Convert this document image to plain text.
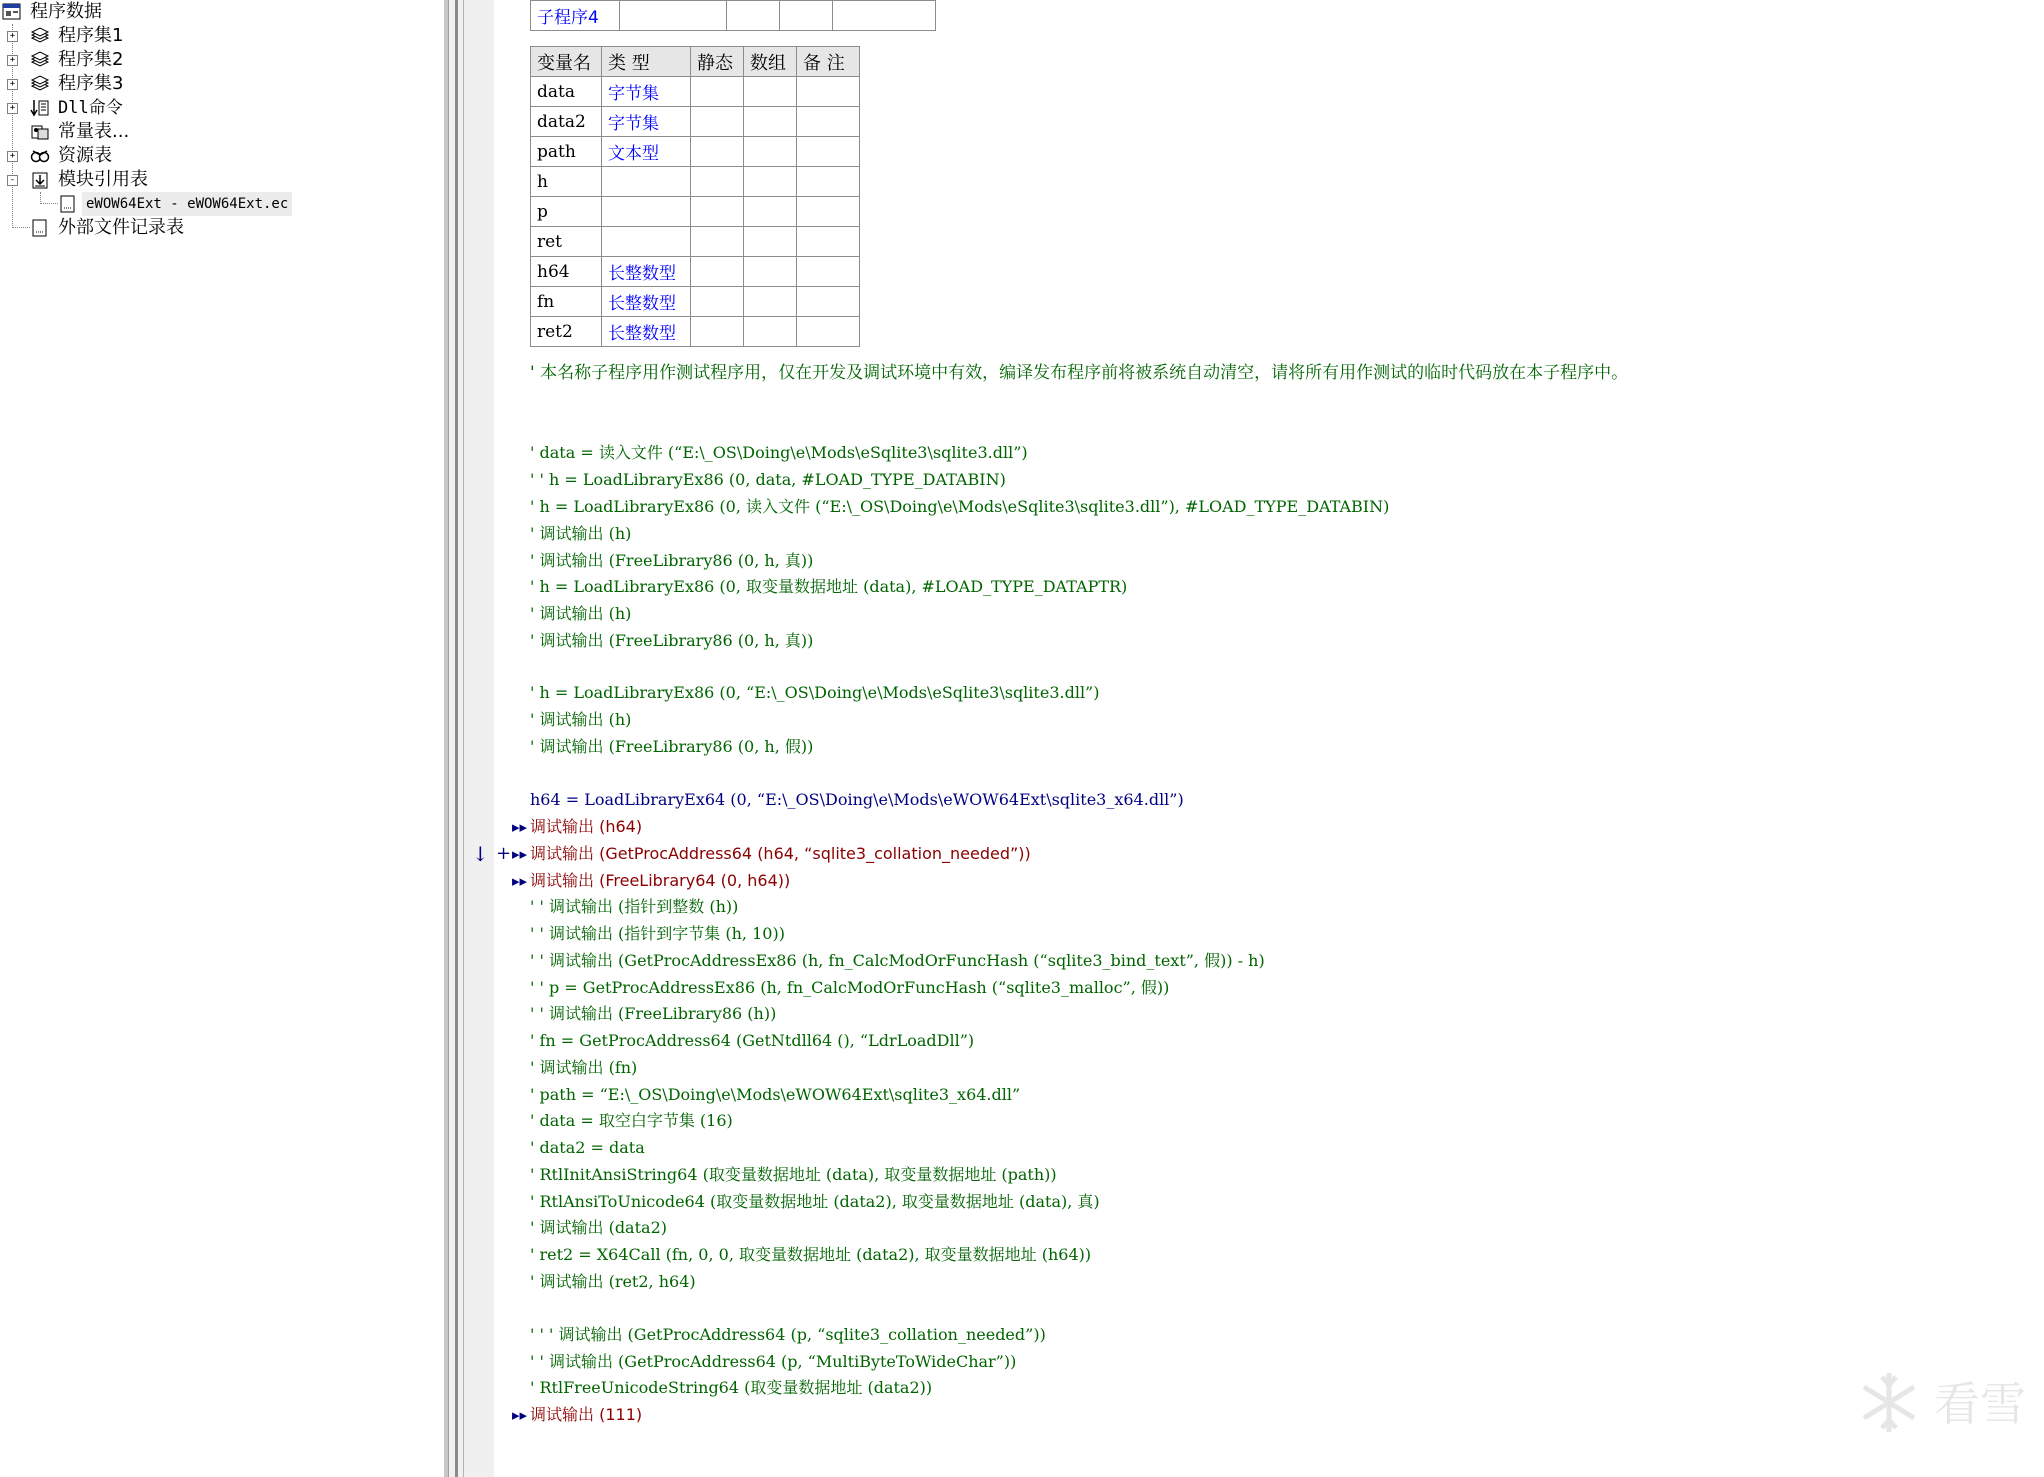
程序数据
+ 程序集1
+ 程序集2
+ 程序集3
+	Dll命令
常量表...
+ 资源表
- 模块引用表
eWOW64Ext - eWOW64Ext.ec
外部文件记录表

子程序4				
变量名	类 型	静态	数组	备 注
data	字节集			
data2	字节集			
path	文本型			
h				
p				
ret				
h64	长整数型			
fn	长整数型			
ret2	长整数型			
' 本名称子程序用作测试程序用，仅在开发及调试环境中有效，编译发布程序前将被系统自动清空，请将所有用作测试的临时代码放在本子程序中。
▸▸
↓ + ▸▸
▸▸
▸▸
' data = 读入文件 (“E:\_OS\Doing\e\Mods\eSqlite3\sqlite3.dll”)
' ' h = LoadLibraryEx86 (0, data, #LOAD_TYPE_DATABIN)
' h = LoadLibraryEx86 (0, 读入文件 (“E:\_OS\Doing\e\Mods\eSqlite3\sqlite3.dll”), #LOAD_TYPE_DATABIN)
' 调试输出 (h)
' 调试输出 (FreeLibrary86 (0, h, 真))
' h = LoadLibraryEx86 (0, 取变量数据地址 (data), #LOAD_TYPE_DATAPTR)
' 调试输出 (h)
' 调试输出 (FreeLibrary86 (0, h, 真))
' h = LoadLibraryEx86 (0, “E:\_OS\Doing\e\Mods\eSqlite3\sqlite3.dll”)
' 调试输出 (h)
' 调试输出 (FreeLibrary86 (0, h, 假))
h64 = LoadLibraryEx64 (0, “E:\_OS\Doing\e\Mods\eWOW64Ext\sqlite3_x64.dll”)
调试输出 (h64)
调试输出 (GetProcAddress64 (h64, “sqlite3_collation_needed”))
调试输出 (FreeLibrary64 (0, h64))
' ' 调试输出 (指针到整数 (h))
' ' 调试输出 (指针到字节集 (h, 10))
' ' 调试输出 (GetProcAddressEx86 (h, fn_CalcModOrFuncHash (“sqlite3_bind_text”, 假)) - h)
' ' p = GetProcAddressEx86 (h, fn_CalcModOrFuncHash (“sqlite3_malloc”, 假))
' ' 调试输出 (FreeLibrary86 (h))
' fn = GetProcAddress64 (GetNtdll64 (), “LdrLoadDll”)
' 调试输出 (fn)
' path = “E:\_OS\Doing\e\Mods\eWOW64Ext\sqlite3_x64.dll”
' data = 取空白字节集 (16)
' data2 = data
' RtlInitAnsiString64 (取变量数据地址 (data), 取变量数据地址 (path))
' RtlAnsiToUnicode64 (取变量数据地址 (data2), 取变量数据地址 (data), 真)
' 调试输出 (data2)
' ret2 = X64Call (fn, 0, 0, 取变量数据地址 (data2), 取变量数据地址 (h64))
' 调试输出 (ret2, h64)
' ' ' 调试输出 (GetProcAddress64 (p, “sqlite3_collation_needed”))
' ' 调试输出 (GetProcAddress64 (p, “MultiByteToWideChar”))
' RtlFreeUnicodeString64 (取变量数据地址 (data2))
调试输出 (111)	看雪
